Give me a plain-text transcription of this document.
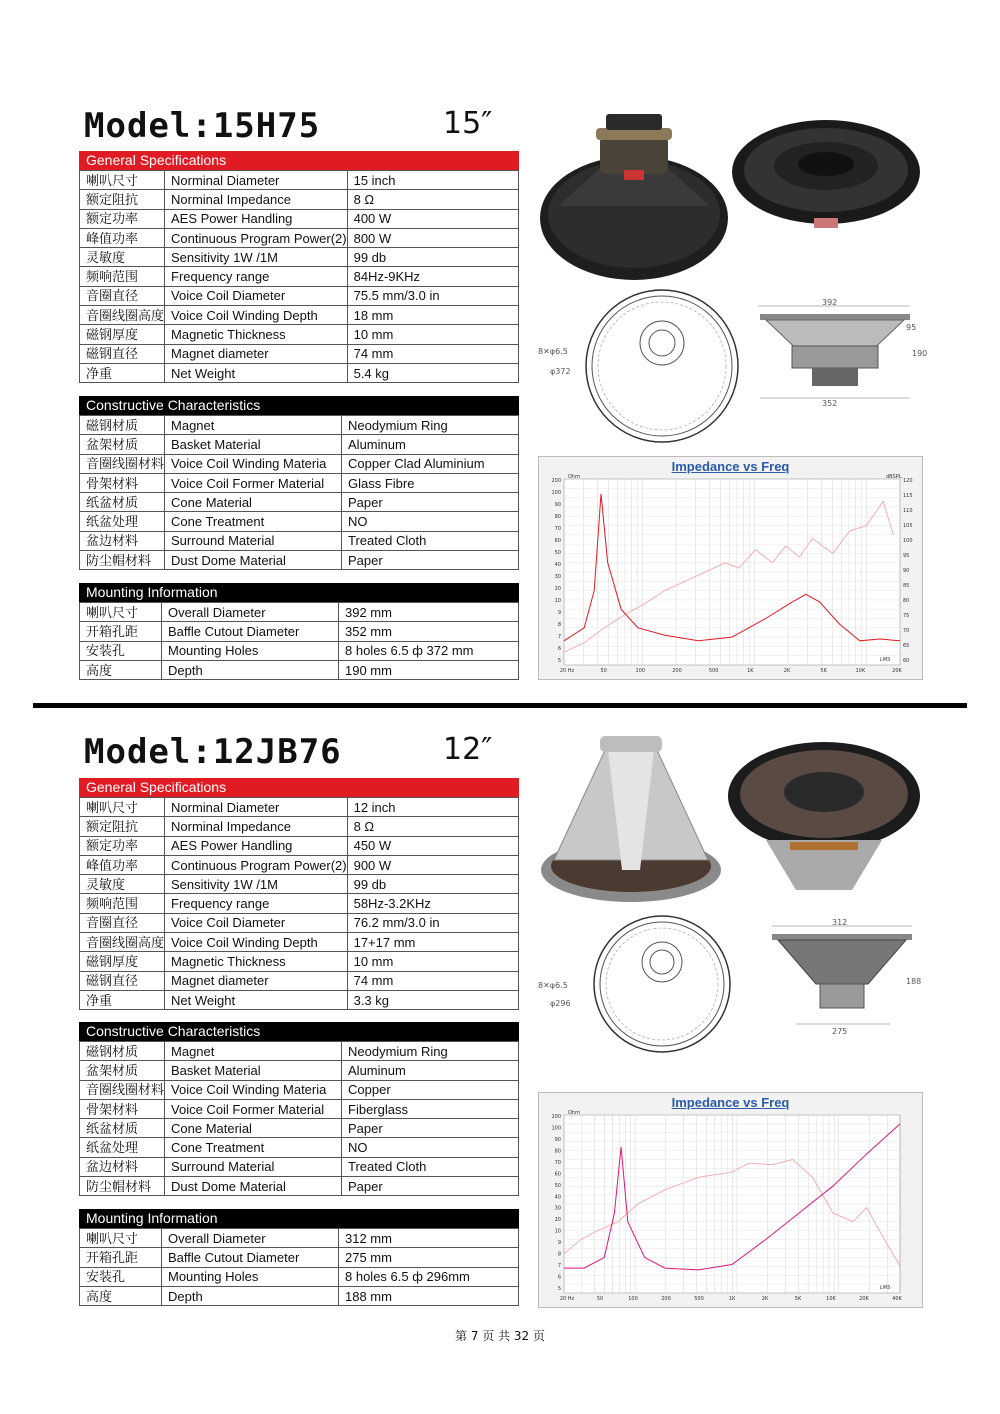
Model:15H75	15″
General Specifications
喇叭尺寸	Norminal Diameter	15 inch
额定阻抗	Norminal Impedance	8 Ω
额定功率	AES Power Handling	400 W
峰值功率	Continuous Program Power(2)	800 W
灵敏度	Sensitivity 1W /1M	99 db
频响范围	Frequency range	84Hz-9KHz
音圈直径	Voice Coil Diameter	75.5 mm/3.0 in
音圈线圈高度	Voice Coil Winding Depth	18 mm
磁钢厚度	Magnetic Thickness	10 mm
磁钢直径	Magnet diameter	74 mm
净重	Net Weight	5.4 kg
Constructive Characteristics
磁钢材质	Magnet	Neodymium Ring
盆架材质	Basket Material	Aluminum
音圈线圈材料	Voice Coil Winding Materia	Copper Clad Aluminium
骨架材料	Voice Coil Former Material	Glass Fibre
纸盆材质	Cone Material	Paper
纸盆处理	Cone Treatment	NO
盆边材料	Surround Material	Treated Cloth
防尘帽材料	Dust Dome Material	Paper
Mounting Information
喇叭尺寸	Overall Diameter	392 mm
开箱孔距	Baffle Cutout Diameter	352 mm
安装孔	Mounting Holes	8 holes 6.5 ф 372 mm
高度	Depth	190 mm
8✕φ6.5
φ372
392
352
190
95
Impedance vs Freq
200
100
90
80
70
60
50
40
30
20
10
9
8
7
6
5
120
115
110
105
100
95
90
85
80
75
70
65
60
20 Hz	50	100	200	500	1K	2K	5K	10K	20K
Ohm	dBSPL
LMS
Model:12JB76	12″
General Specifications
喇叭尺寸	Norminal Diameter	12 inch
额定阻抗	Norminal Impedance	8 Ω
额定功率	AES Power Handling	450 W
峰值功率	Continuous Program Power(2)	900 W
灵敏度	Sensitivity 1W /1M	99 db
频响范围	Frequency range	58Hz-3.2KHz
音圈直径	Voice Coil Diameter	76.2 mm/3.0 in
音圈线圈高度	Voice Coil Winding Depth	17+17 mm
磁钢厚度	Magnetic Thickness	10 mm
磁钢直径	Magnet diameter	74 mm
净重	Net Weight	3.3 kg
Constructive Characteristics
磁钢材质	Magnet	Neodymium Ring
盆架材质	Basket Material	Aluminum
音圈线圈材料	Voice Coil Winding Materia	Copper
骨架材料	Voice Coil Former Material	Fiberglass
纸盆材质	Cone Material	Paper
纸盆处理	Cone Treatment	NO
盆边材料	Surround Material	Treated Cloth
防尘帽材料	Dust Dome Material	Paper
Mounting Information
喇叭尺寸	Overall Diameter	312 mm
开箱孔距	Baffle Cutout Diameter	275 mm
安装孔	Mounting Holes	8 holes 6.5 ф 296mm
高度	Depth	188 mm
8✕φ6.5
φ296
312
275
188
Impedance vs Freq
200
100
90
80
70
60
50
40
30
20
10
9
8
7
6
5
20 Hz	50	100	200	500	1K	2K	5K	10K	20K	40K
Ohm
LMS
第 7 页 共 32 页
